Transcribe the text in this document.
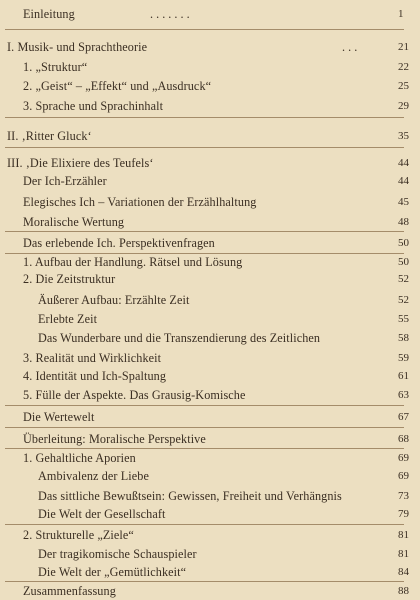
Einleitung	. . . . . . .	1
I. Musik- und Sprachtheorie	. . .	21
1. „Struktur“	22
2. „Geist“ – „Effekt“ und „Ausdruck“	25
3. Sprache und Sprachinhalt	29
II. ‚Ritter Gluck‘	35
III. ‚Die Elixiere des Teufels‘	44
Der Ich-Erzähler	44
Elegisches Ich – Variationen der Erzählhaltung	45
Moralische Wertung	48
Das erlebende Ich. Perspektivenfragen	50
1. Aufbau der Handlung. Rätsel und Lösung	50
2. Die Zeitstruktur	52
Äußerer Aufbau: Erzählte Zeit	52
Erlebte Zeit	55
Das Wunderbare und die Transzendierung des Zeitlichen	58
3. Realität und Wirklichkeit	59
4. Identität und Ich-Spaltung	61
5. Fülle der Aspekte. Das Grausig-Komische	63
Die Wertewelt	67
Überleitung: Moralische Perspektive	68
1. Gehaltliche Aporien	69
Ambivalenz der Liebe	69
Das sittliche Bewußtsein: Gewissen, Freiheit und Verhängnis	73
Die Welt der Gesellschaft	79
2. Strukturelle „Ziele“	81
Der tragikomische Schauspieler	81
Die Welt der „Gemütlichkeit“	84
Zusammenfassung	88
